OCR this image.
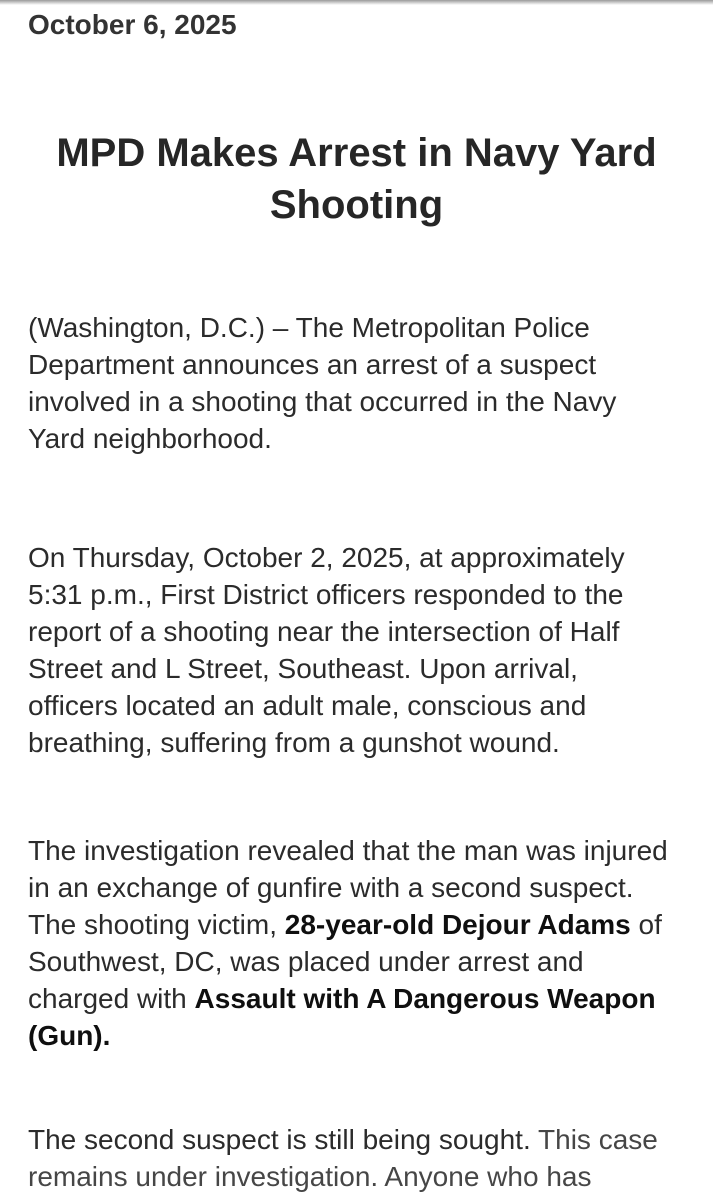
October 6, 2025
MPD Makes Arrest in Navy Yard Shooting

(Washington, D.C.) – The Metropolitan Police Department announces an arrest of a suspect involved in a shooting that occurred in the Navy Yard neighborhood.

On Thursday, October 2, 2025, at approximately 5:31 p.m., First District officers responded to the report of a shooting near the intersection of Half Street and L Street, Southeast. Upon arrival, officers located an adult male, conscious and breathing, suffering from a gunshot wound.

The investigation revealed that the man was injured in an exchange of gunfire with a second suspect. The shooting victim, 28-year-old Dejour Adams of Southwest, DC, was placed under arrest and charged with Assault with A Dangerous Weapon (Gun).

The second suspect is still being sought. This case remains under investigation. Anyone who has
